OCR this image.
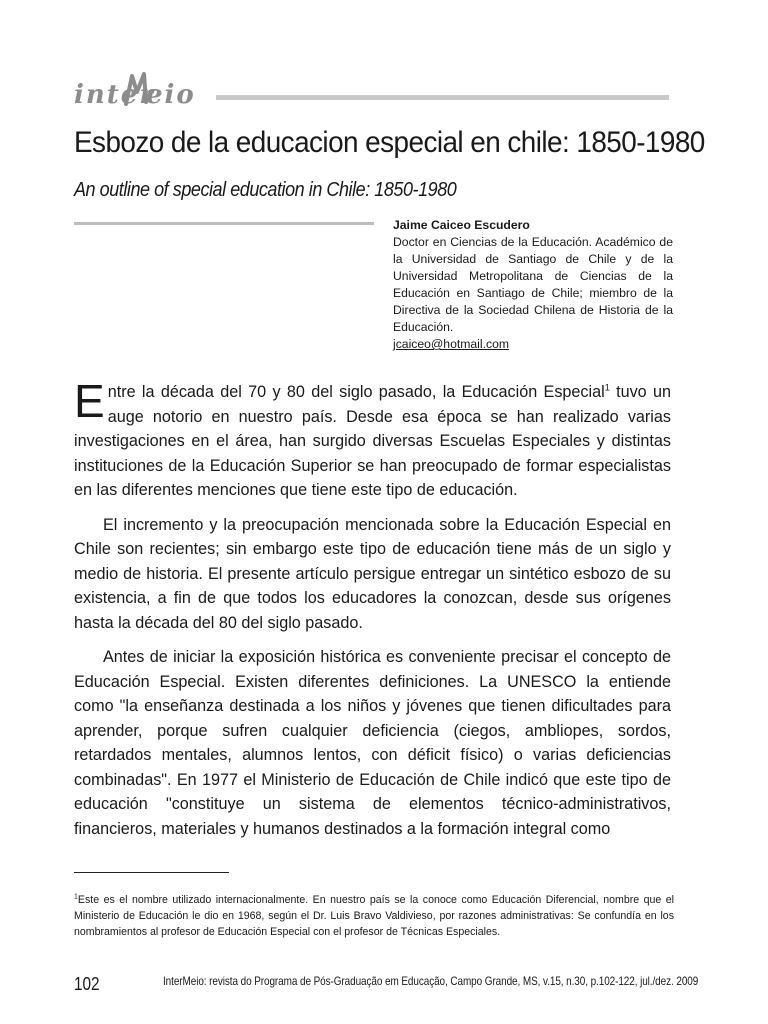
inter
eio
Esbozo de la educacion especial en chile: 1850-1980
An outline of special education in Chile: 1850-1980
Jaime Caiceo Escudero
Doctor en Ciencias de la Educación. Académico de la Universidad de Santiago de Chile y de la Universidad Metropolitana de Ciencias de la Educación en Santiago de Chile; miembro de la Directiva de la Sociedad Chilena de Historia de la Educación.
jcaiceo@hotmail.com

Entre la década del 70 y 80 del siglo pasado, la Educación Especial$^1$ tuvo un auge notorio en nuestro país. Desde esa época se han realizado varias investigaciones en el área, han surgido diversas Escuelas Especiales y distintas instituciones de la Educación Superior se han preocupado de formar especialistas en las diferentes menciones que tiene este tipo de educación.

El incremento y la preocupación mencionada sobre la Educación Especial en Chile son recientes; sin embargo este tipo de educación tiene más de un siglo y medio de historia. El presente artículo persigue entregar un sintético esbozo de su existencia, a fin de que todos los educadores la conozcan, desde sus orígenes hasta la década del 80 del siglo pasado.

Antes de iniciar la exposición histórica es conveniente precisar el concepto de Educación Especial. Existen diferentes definiciones. La UNESCO la entiende como "la enseñanza destinada a los niños y jóvenes que tienen dificultades para aprender, porque sufren cualquier deficiencia (ciegos, ambliopes, sordos, retardados mentales, alumnos lentos, con déficit físico) o varias deficiencias combinadas". En 1977 el Ministerio de Educación de Chile indicó que este tipo de educación "constituye un sistema de elementos técnico-administrativos, financieros, materiales y humanos destinados a la formación integral como

$^1$Este es el nombre utilizado internacionalmente. En nuestro país se la conoce como Educación Diferencial, nombre que el Ministerio de Educación le dio en 1968, según el Dr. Luis Bravo Valdivieso, por razones administrativas: Se confundía en los nombramientos al profesor de Educación Especial con el profesor de Técnicas Especiales.
102	InterMeio: revista do Programa de Pós-Graduação em Educação, Campo Grande, MS, v.15, n.30, p.102-122, jul./dez. 2009
